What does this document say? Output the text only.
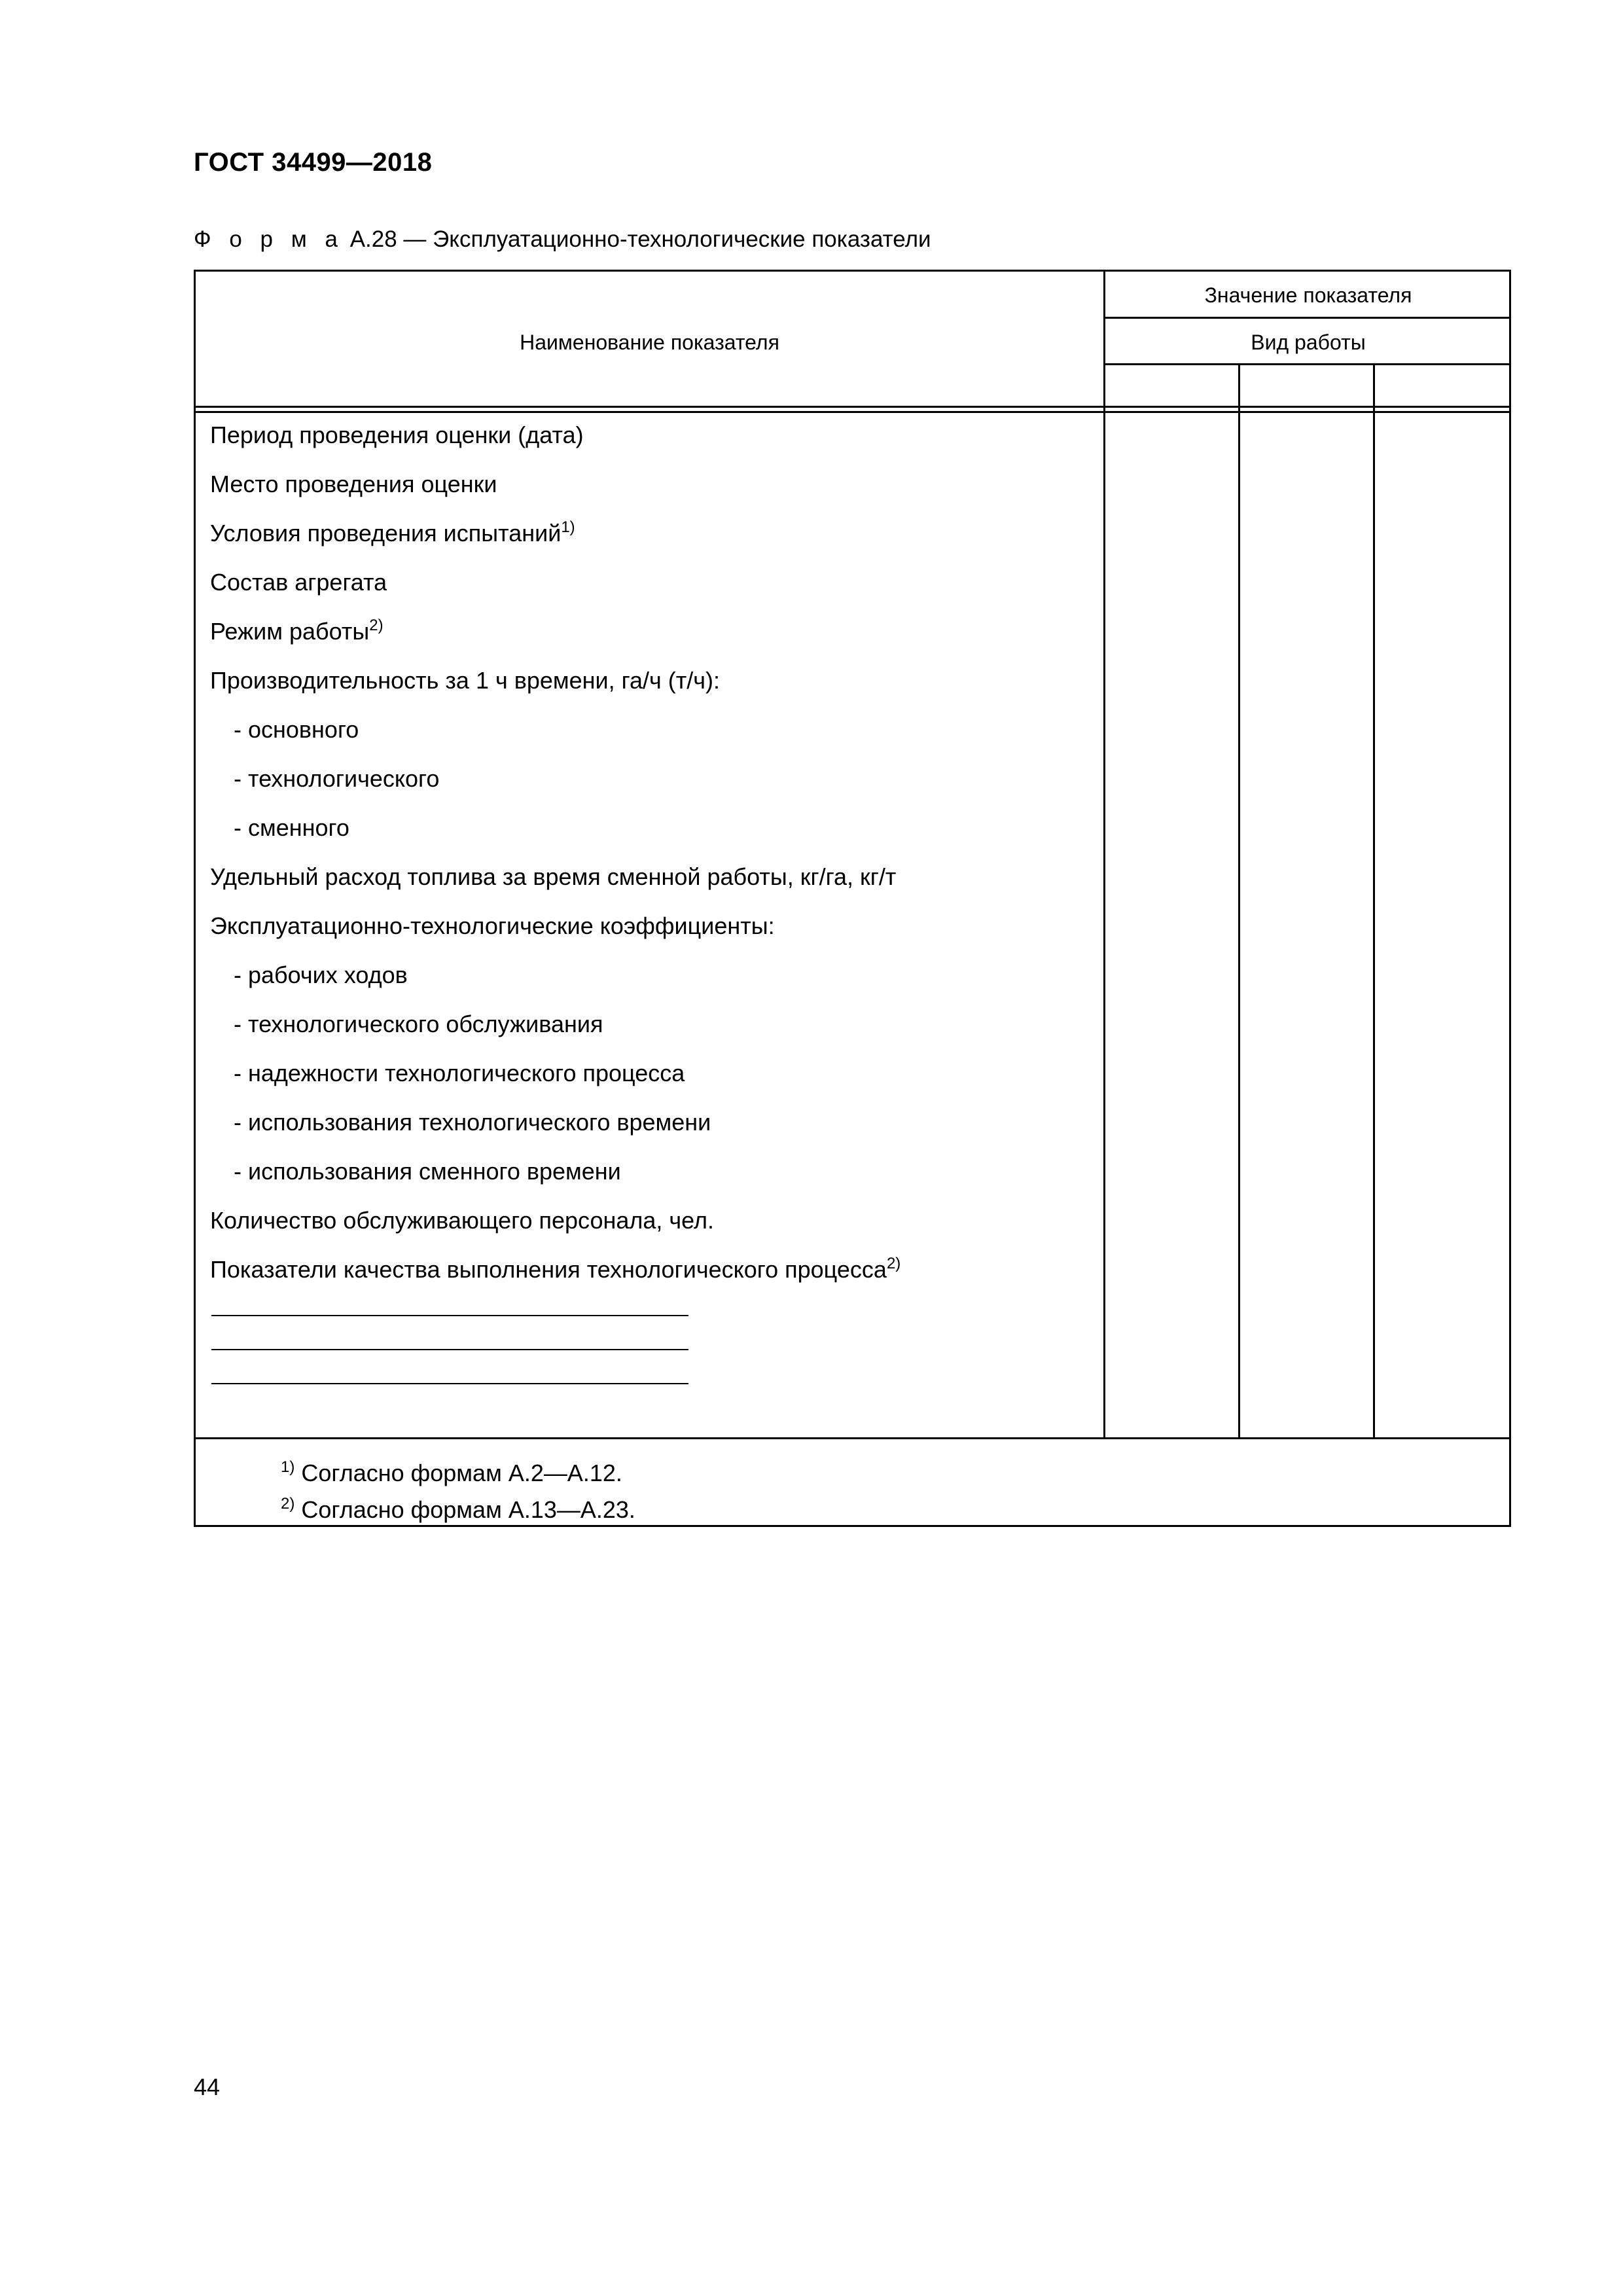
ГОСТ 34499—2018
Ф о р м а А.28 — Эксплуатационно-технологические показатели
Наименование показателя
Значение показателя
Вид работы
Период проведения оценки (дата)
Место проведения оценки
Условия проведения испытаний$^{1)}$
Состав агрегата
Режим работы$^{2)}$
Производительность за 1 ч времени, га/ч (т/ч):
- основного
- технологического
- сменного
Удельный расход топлива за время сменной работы, кг/га, кг/т
Эксплуатационно-технологические коэффициенты:
- рабочих ходов
- технологического обслуживания
- надежности технологического процесса
- использования технологического времени
- использования сменного времени
Количество обслуживающего персонала, чел.
Показатели качества выполнения технологического процесса$^{2)}$
$^{1)}$ Согласно формам А.2—А.12.
$^{2)}$ Согласно формам А.13—А.23.
44
